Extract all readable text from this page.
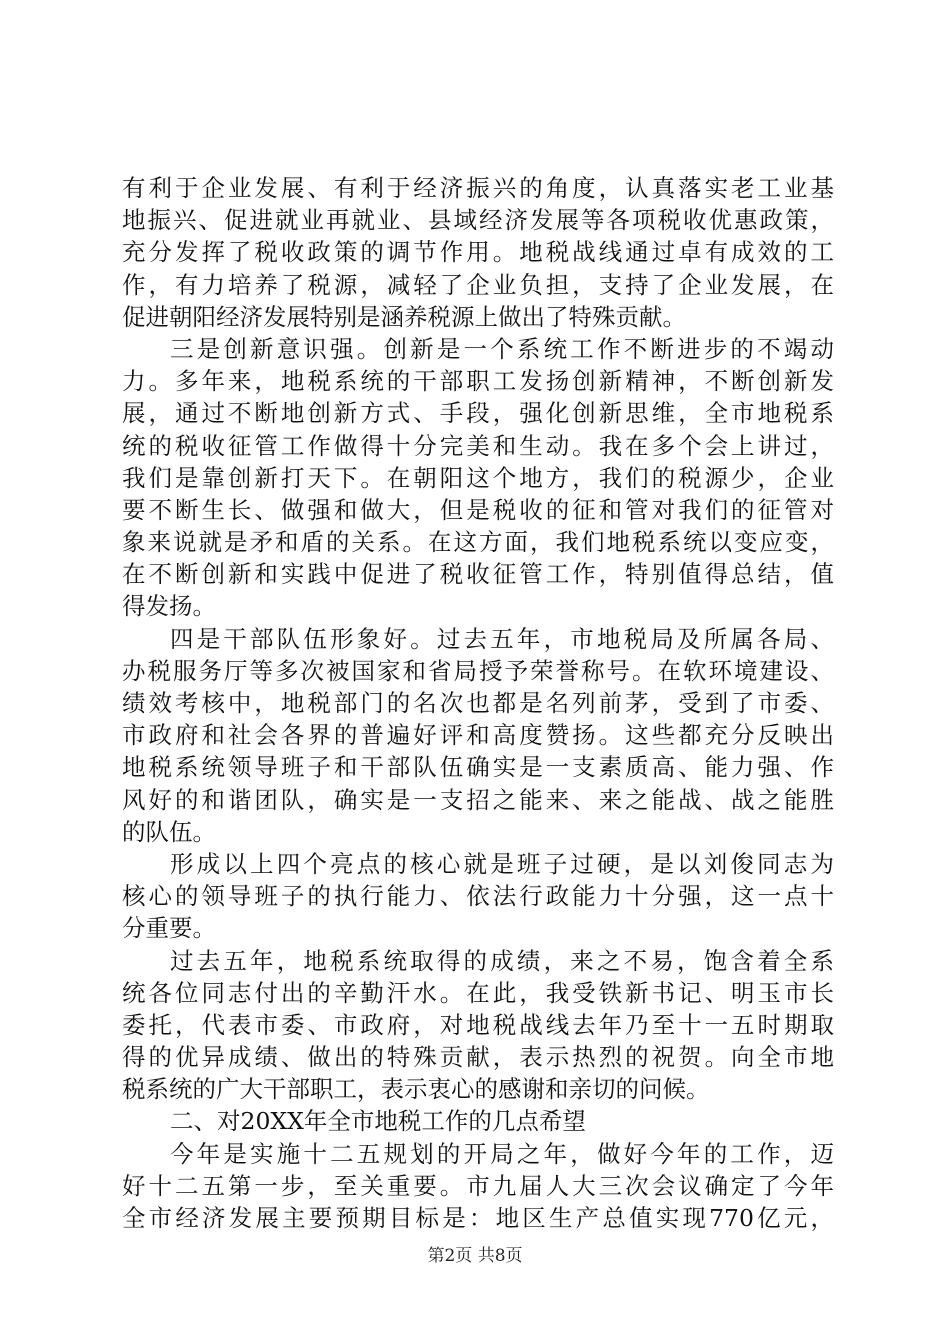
有利于企业发展、有利于经济振兴的角度，认真落实老工业基
地振兴、促进就业再就业、县域经济发展等各项税收优惠政策，
充分发挥了税收政策的调节作用。地税战线通过卓有成效的工
作，有力培养了税源，减轻了企业负担，支持了企业发展，在
促进朝阳经济发展特别是涵养税源上做出了特殊贡献。
三是创新意识强。创新是一个系统工作不断进步的不竭动
力。多年来，地税系统的干部职工发扬创新精神，不断创新发
展，通过不断地创新方式、手段，强化创新思维，全市地税系
统的税收征管工作做得十分完美和生动。我在多个会上讲过，
我们是靠创新打天下。在朝阳这个地方，我们的税源少，企业
要不断生长、做强和做大，但是税收的征和管对我们的征管对
象来说就是矛和盾的关系。在这方面，我们地税系统以变应变，
在不断创新和实践中促进了税收征管工作，特别值得总结，值
得发扬。
四是干部队伍形象好。过去五年，市地税局及所属各局、
办税服务厅等多次被国家和省局授予荣誉称号。在软环境建设、
绩效考核中，地税部门的名次也都是名列前茅，受到了市委、
市政府和社会各界的普遍好评和高度赞扬。这些都充分反映出
地税系统领导班子和干部队伍确实是一支素质高、能力强、作
风好的和谐团队，确实是一支招之能来、来之能战、战之能胜
的队伍。
形成以上四个亮点的核心就是班子过硬，是以刘俊同志为
核心的领导班子的执行能力、依法行政能力十分强，这一点十
分重要。
过去五年，地税系统取得的成绩，来之不易，饱含着全系
统各位同志付出的辛勤汗水。在此，我受铁新书记、明玉市长
委托，代表市委、市政府，对地税战线去年乃至十一五时期取
得的优异成绩、做出的特殊贡献，表示热烈的祝贺。向全市地
税系统的广大干部职工，表示衷心的感谢和亲切的问候。
二、对20XX年全市地税工作的几点希望
今年是实施十二五规划的开局之年，做好今年的工作，迈
好十二五第一步，至关重要。市九届人大三次会议确定了今年
全市经济发展主要预期目标是：地区生产总值实现770亿元，
第2页 共8页
